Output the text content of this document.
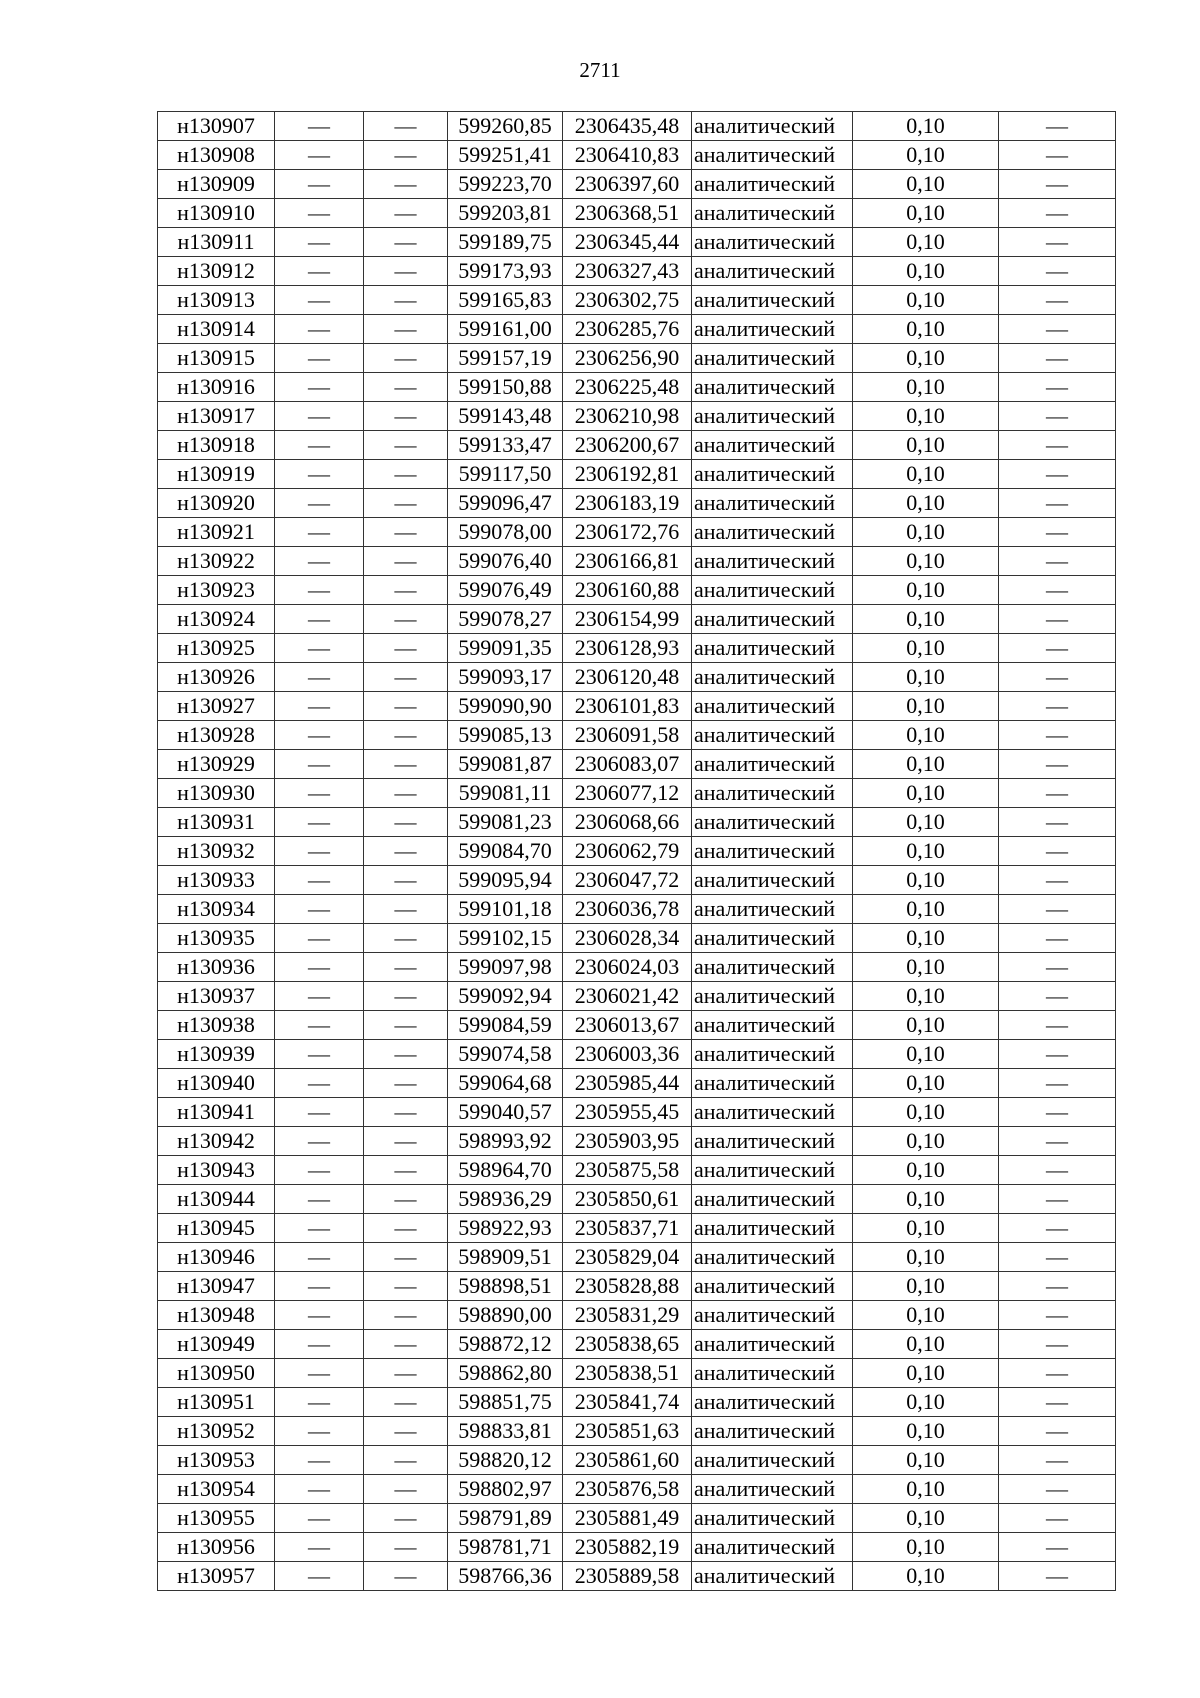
2711
н130907	—	—	599260,85	2306435,48	аналитический	0,10	—
н130908	—	—	599251,41	2306410,83	аналитический	0,10	—
н130909	—	—	599223,70	2306397,60	аналитический	0,10	—
н130910	—	—	599203,81	2306368,51	аналитический	0,10	—
н130911	—	—	599189,75	2306345,44	аналитический	0,10	—
н130912	—	—	599173,93	2306327,43	аналитический	0,10	—
н130913	—	—	599165,83	2306302,75	аналитический	0,10	—
н130914	—	—	599161,00	2306285,76	аналитический	0,10	—
н130915	—	—	599157,19	2306256,90	аналитический	0,10	—
н130916	—	—	599150,88	2306225,48	аналитический	0,10	—
н130917	—	—	599143,48	2306210,98	аналитический	0,10	—
н130918	—	—	599133,47	2306200,67	аналитический	0,10	—
н130919	—	—	599117,50	2306192,81	аналитический	0,10	—
н130920	—	—	599096,47	2306183,19	аналитический	0,10	—
н130921	—	—	599078,00	2306172,76	аналитический	0,10	—
н130922	—	—	599076,40	2306166,81	аналитический	0,10	—
н130923	—	—	599076,49	2306160,88	аналитический	0,10	—
н130924	—	—	599078,27	2306154,99	аналитический	0,10	—
н130925	—	—	599091,35	2306128,93	аналитический	0,10	—
н130926	—	—	599093,17	2306120,48	аналитический	0,10	—
н130927	—	—	599090,90	2306101,83	аналитический	0,10	—
н130928	—	—	599085,13	2306091,58	аналитический	0,10	—
н130929	—	—	599081,87	2306083,07	аналитический	0,10	—
н130930	—	—	599081,11	2306077,12	аналитический	0,10	—
н130931	—	—	599081,23	2306068,66	аналитический	0,10	—
н130932	—	—	599084,70	2306062,79	аналитический	0,10	—
н130933	—	—	599095,94	2306047,72	аналитический	0,10	—
н130934	—	—	599101,18	2306036,78	аналитический	0,10	—
н130935	—	—	599102,15	2306028,34	аналитический	0,10	—
н130936	—	—	599097,98	2306024,03	аналитический	0,10	—
н130937	—	—	599092,94	2306021,42	аналитический	0,10	—
н130938	—	—	599084,59	2306013,67	аналитический	0,10	—
н130939	—	—	599074,58	2306003,36	аналитический	0,10	—
н130940	—	—	599064,68	2305985,44	аналитический	0,10	—
н130941	—	—	599040,57	2305955,45	аналитический	0,10	—
н130942	—	—	598993,92	2305903,95	аналитический	0,10	—
н130943	—	—	598964,70	2305875,58	аналитический	0,10	—
н130944	—	—	598936,29	2305850,61	аналитический	0,10	—
н130945	—	—	598922,93	2305837,71	аналитический	0,10	—
н130946	—	—	598909,51	2305829,04	аналитический	0,10	—
н130947	—	—	598898,51	2305828,88	аналитический	0,10	—
н130948	—	—	598890,00	2305831,29	аналитический	0,10	—
н130949	—	—	598872,12	2305838,65	аналитический	0,10	—
н130950	—	—	598862,80	2305838,51	аналитический	0,10	—
н130951	—	—	598851,75	2305841,74	аналитический	0,10	—
н130952	—	—	598833,81	2305851,63	аналитический	0,10	—
н130953	—	—	598820,12	2305861,60	аналитический	0,10	—
н130954	—	—	598802,97	2305876,58	аналитический	0,10	—
н130955	—	—	598791,89	2305881,49	аналитический	0,10	—
н130956	—	—	598781,71	2305882,19	аналитический	0,10	—
н130957	—	—	598766,36	2305889,58	аналитический	0,10	—
